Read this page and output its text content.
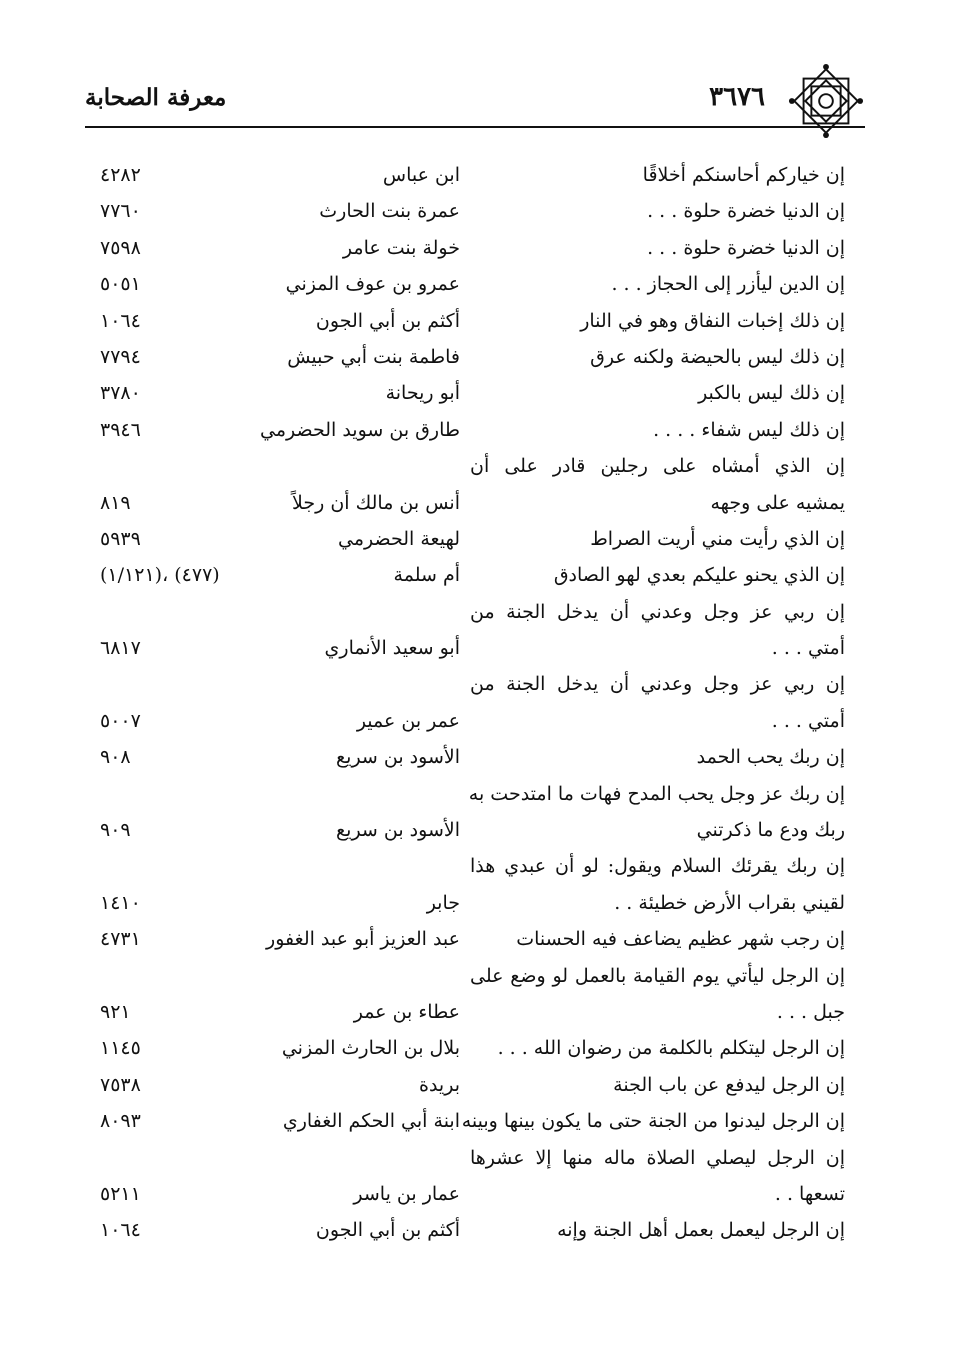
معرفة الصحابة	٣٦٧٦
إن خياركم أحاسنكم أخلاقًا
ابن عباس
٤٢٨٢
إن الدنيا خضرة حلوة . . .
عمرة بنت الحارث
٧٧٦٠
إن الدنيا خضرة حلوة . . .
خولة بنت عامر
٧٥٩٨
إن الدين ليأزر إلى الحجاز . . .
عمرو بن عوف المزني
٥٠٥١
إن ذلك إخبات النفاق وهو في النار
أكثم بن أبي الجون
١٠٦٤
إن ذلك ليس بالحيضة ولكنه عرق
فاطمة بنت أبي حبيش
٧٧٩٤
إن ذلك ليس بالكبر
أبو ريحانة
٣٧٨٠
إن ذلك ليس شفاء . . . .
طارق بن سويد الحضرمي
٣٩٤٦
إن الذي أمشاه على رجلين قادر على أن
يمشيه على وجهه
أنس بن مالك أن رجلاً
٨١٩
إن الذي رأيت مني أريت الصراط
لهيعة الحضرمي
٥٩٣٩
إن الذي يحنو عليكم بعدي لهو الصادق
أم سلمة
(١/١٢١)، (٤٧٧)
إن ربي عز وجل وعدني أن يدخل الجنة من
أمتي . . .
أبو سعيد الأنماري
٦٨١٧
إن ربي عز وجل وعدني أن يدخل الجنة من
أمتي . . .
عمر بن عمير
٥٠٠٧
إن ربك يحب الحمد
الأسود بن سريع
٩٠٨
إن ربك عز وجل يحب المدح فهات ما امتدحت به
ربك ودع ما ذكرتني
الأسود بن سريع
٩٠٩
إن ربك يقرئك السلام ويقول: لو أن عبدي هذا
لقيني بقراب الأرض خطيئة . .
جابر
١٤١٠
إن رجب شهر عظيم يضاعف فيه الحسنات
عبد العزيز أبو عبد الغفور
٤٧٣١
إن الرجل ليأتي يوم القيامة بالعمل لو وضع على
جبل . . .
عطاء بن عمر
٩٢١
إن الرجل ليتكلم بالكلمة من رضوان الله . . .
بلال بن الحارث المزني
١١٤٥
إن الرجل ليدفع عن باب الجنة
بريدة
٧٥٣٨
إن الرجل ليدنوا من الجنة حتى ما يكون بينها وبينه
ابنة أبي الحكم الغفاري
٨٠٩٣
إن الرجل ليصلي الصلاة ماله منها إلا عشرها
تسعها . .
عمار بن ياسر
٥٢١١
إن الرجل ليعمل بعمل أهل الجنة وإنه
أكثم بن أبي الجون
١٠٦٤
